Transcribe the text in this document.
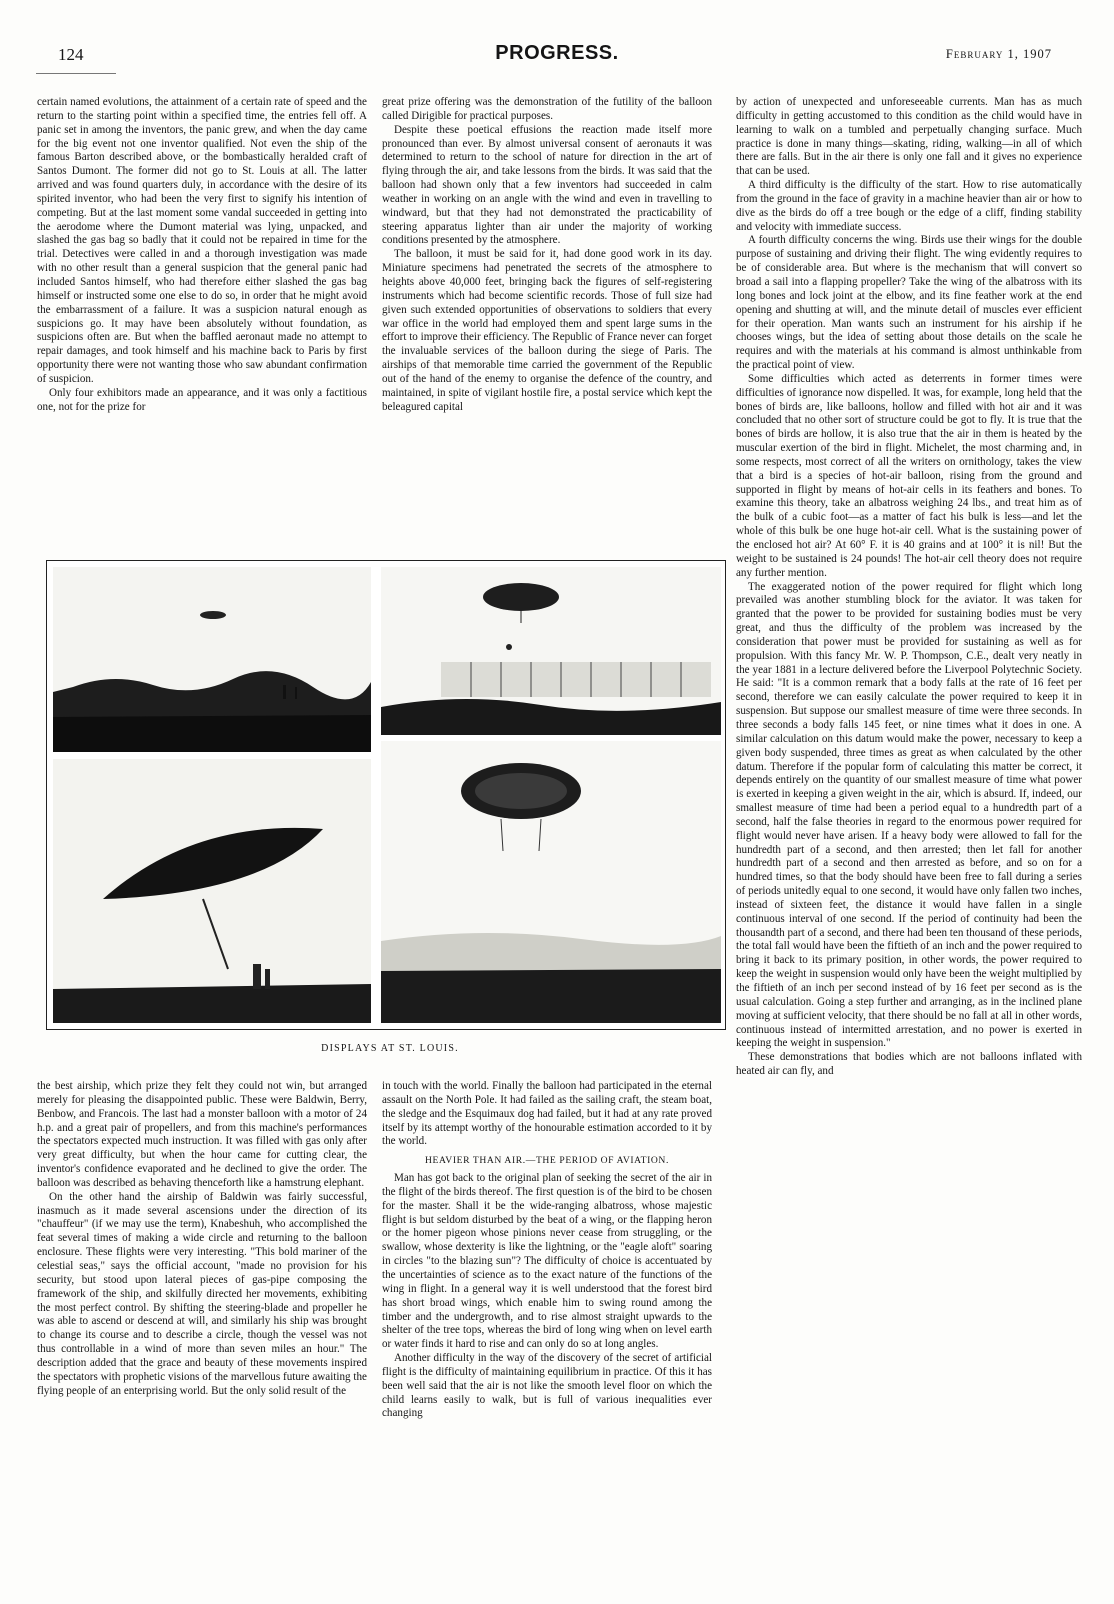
124	PROGRESS.	February 1, 1907

certain named evolutions, the attainment of a certain rate of speed and the return to the starting point within a specified time, the entries fell off. A panic set in among the inventors, the panic grew, and when the day came for the big event not one inventor qualified. Not even the ship of the famous Barton described above, or the bombastically heralded craft of Santos Dumont. The former did not go to St. Louis at all. The latter arrived and was found quarters duly, in accordance with the desire of its spirited inventor, who had been the very first to signify his intention of competing. But at the last moment some vandal succeeded in getting into the aerodome where the Dumont material was lying, unpacked, and slashed the gas bag so badly that it could not be repaired in time for the trial. Detectives were called in and a thorough investigation was made with no other result than a general suspicion that the general panic had included Santos himself, who had therefore either slashed the gas bag himself or instructed some one else to do so, in order that he might avoid the embarrassment of a failure. It was a suspicion natural enough as suspicions go. It may have been absolutely without foundation, as suspicions often are. But when the baffled aeronaut made no attempt to repair damages, and took himself and his machine back to Paris by first opportunity there were not wanting those who saw abundant confirmation of suspicion.

Only four exhibitors made an appearance, and it was only a factitious one, not for the prize for

great prize offering was the demonstration of the futility of the balloon called Dirigible for practical purposes.

Despite these poetical effusions the reaction made itself more pronounced than ever. By almost universal consent of aeronauts it was determined to return to the school of nature for direction in the art of flying through the air, and take lessons from the birds. It was said that the balloon had shown only that a few inventors had succeeded in calm weather in working on an angle with the wind and even in travelling to windward, but that they had not demonstrated the practicability of steering apparatus lighter than air under the majority of working conditions presented by the atmosphere.

The balloon, it must be said for it, had done good work in its day. Miniature specimens had penetrated the secrets of the atmosphere to heights above 40,000 feet, bringing back the figures of self-registering instruments which had become scientific records. Those of full size had given such extended opportunities of observations to soldiers that every war office in the world had employed them and spent large sums in the effort to improve their efficiency. The Republic of France never can forget the invaluable services of the balloon during the siege of Paris. The airships of that memorable time carried the government of the Republic out of the hand of the enemy to organise the defence of the country, and maintained, in spite of vigilant hostile fire, a postal service which kept the beleagured capital

by action of unexpected and unforeseeable currents. Man has as much difficulty in getting accustomed to this condition as the child would have in learning to walk on a tumbled and perpetually changing surface. Much practice is done in many things—skating, riding, walking—in all of which there are falls. But in the air there is only one fall and it gives no experience that can be used.

A third difficulty is the difficulty of the start. How to rise automatically from the ground in the face of gravity in a machine heavier than air or how to dive as the birds do off a tree bough or the edge of a cliff, finding stability and velocity with immediate success.

A fourth difficulty concerns the wing. Birds use their wings for the double purpose of sustaining and driving their flight. The wing evidently requires to be of considerable area. But where is the mechanism that will convert so broad a sail into a flapping propeller? Take the wing of the albatross with its long bones and lock joint at the elbow, and its fine feather work at the end opening and shutting at will, and the minute detail of muscles ever efficient for their operation. Man wants such an instrument for his airship if he chooses wings, but the idea of setting about those details on the scale he requires and with the materials at his command is almost unthinkable from the practical point of view.

Some difficulties which acted as deterrents in former times were difficulties of ignorance now dispelled. It was, for example, long held that the bones of birds are, like balloons, hollow and filled with hot air and it was concluded that no other sort of structure could be got to fly. It is true that the bones of birds are hollow, it is also true that the air in them is heated by the muscular exertion of the bird in flight. Michelet, the most charming and, in some respects, most correct of all the writers on ornithology, takes the view that a bird is a species of hot-air balloon, rising from the ground and supported in flight by means of hot-air cells in its feathers and bones. To examine this theory, take an albatross weighing 24 lbs., and treat him as of the bulk of a cubic foot—as a matter of fact his bulk is less—and let the whole of this bulk be one huge hot-air cell. What is the sustaining power of the enclosed hot air? At 60° F. it is 40 grains and at 100° it is nil! But the weight to be sustained is 24 pounds! The hot-air cell theory does not require any further mention.

The exaggerated notion of the power required for flight which long prevailed was another stumbling block for the aviator. It was taken for granted that the power to be provided for sustaining bodies must be very great, and thus the difficulty of the problem was increased by the consideration that power must be provided for sustaining as well as for propulsion. With this fancy Mr. W. P. Thompson, C.E., dealt very neatly in the year 1881 in a lecture delivered before the Liverpool Polytechnic Society. He said: "It is a common remark that a body falls at the rate of 16 feet per second, therefore we can easily calculate the power required to keep it in suspension. But suppose our smallest measure of time were three seconds. In three seconds a body falls 145 feet, or nine times what it does in one. A similar calculation on this datum would make the power, necessary to keep a given body suspended, three times as great as when calculated by the other datum. Therefore if the popular form of calculating this matter be correct, it depends entirely on the quantity of our smallest measure of time what power is exerted in keeping a given weight in the air, which is absurd. If, indeed, our smallest measure of time had been a period equal to a hundredth part of a second, half the false theories in regard to the enormous power required for flight would never have arisen. If a heavy body were allowed to fall for the hundredth part of a second, and then arrested; then let fall for another hundredth part of a second and then arrested as before, and so on for a hundred times, so that the body should have been free to fall during a series of periods unitedly equal to one second, it would have only fallen two inches, instead of sixteen feet, the distance it would have fallen in a single continuous interval of one second. If the period of continuity had been the thousandth part of a second, and there had been ten thousand of these periods, the total fall would have been the fiftieth of an inch and the power required to bring it back to its primary position, in other words, the power required to keep the weight in suspension would only have been the weight multiplied by the fiftieth of an inch per second instead of by 16 feet per second as is the usual calculation. Going a step further and arranging, as in the inclined plane moving at sufficient velocity, that there should be no fall at all in other words, continuous instead of intermitted arrestation, and no power is exerted in keeping the weight in suspension."

These demonstrations that bodies which are not balloons inflated with heated air can fly, and

DISPLAYS AT ST. LOUIS.

the best airship, which prize they felt they could not win, but arranged merely for pleasing the disappointed public. These were Baldwin, Berry, Benbow, and Francois. The last had a monster balloon with a motor of 24 h.p. and a great pair of propellers, and from this machine's performances the spectators expected much instruction. It was filled with gas only after very great difficulty, but when the hour came for cutting clear, the inventor's confidence evaporated and he declined to give the order. The balloon was described as behaving thenceforth like a hamstrung elephant.

On the other hand the airship of Baldwin was fairly successful, inasmuch as it made several ascensions under the direction of its "chauffeur" (if we may use the term), Knabeshuh, who accomplished the feat several times of making a wide circle and returning to the balloon enclosure. These flights were very interesting. "This bold mariner of the celestial seas," says the official account, "made no provision for his security, but stood upon lateral pieces of gas-pipe composing the framework of the ship, and skilfully directed her movements, exhibiting the most perfect control. By shifting the steering-blade and propeller he was able to ascend or descend at will, and similarly his ship was brought to change its course and to describe a circle, though the vessel was not thus controllable in a wind of more than seven miles an hour." The description added that the grace and beauty of these movements inspired the spectators with prophetic visions of the marvellous future awaiting the flying people of an enterprising world. But the only solid result of the

in touch with the world. Finally the balloon had participated in the eternal assault on the North Pole. It had failed as the sailing craft, the steam boat, the sledge and the Esquimaux dog had failed, but it had at any rate proved itself by its attempt worthy of the honourable estimation accorded to it by the world.

HEAVIER THAN AIR.—THE PERIOD OF AVIATION.

Man has got back to the original plan of seeking the secret of the air in the flight of the birds thereof. The first question is of the bird to be chosen for the master. Shall it be the wide-ranging albatross, whose majestic flight is but seldom disturbed by the beat of a wing, or the flapping heron or the homer pigeon whose pinions never cease from struggling, or the swallow, whose dexterity is like the lightning, or the "eagle aloft" soaring in circles "to the blazing sun"? The difficulty of choice is accentuated by the uncertainties of science as to the exact nature of the functions of the wing in flight. In a general way it is well understood that the forest bird has short broad wings, which enable him to swing round among the timber and the undergrowth, and to rise almost straight upwards to the shelter of the tree tops, whereas the bird of long wing when on level earth or water finds it hard to rise and can only do so at long angles.

Another difficulty in the way of the discovery of the secret of artificial flight is the difficulty of maintaining equilibrium in practice. Of this it has been well said that the air is not like the smooth level floor on which the child learns easily to walk, but is full of various inequalities ever changing
